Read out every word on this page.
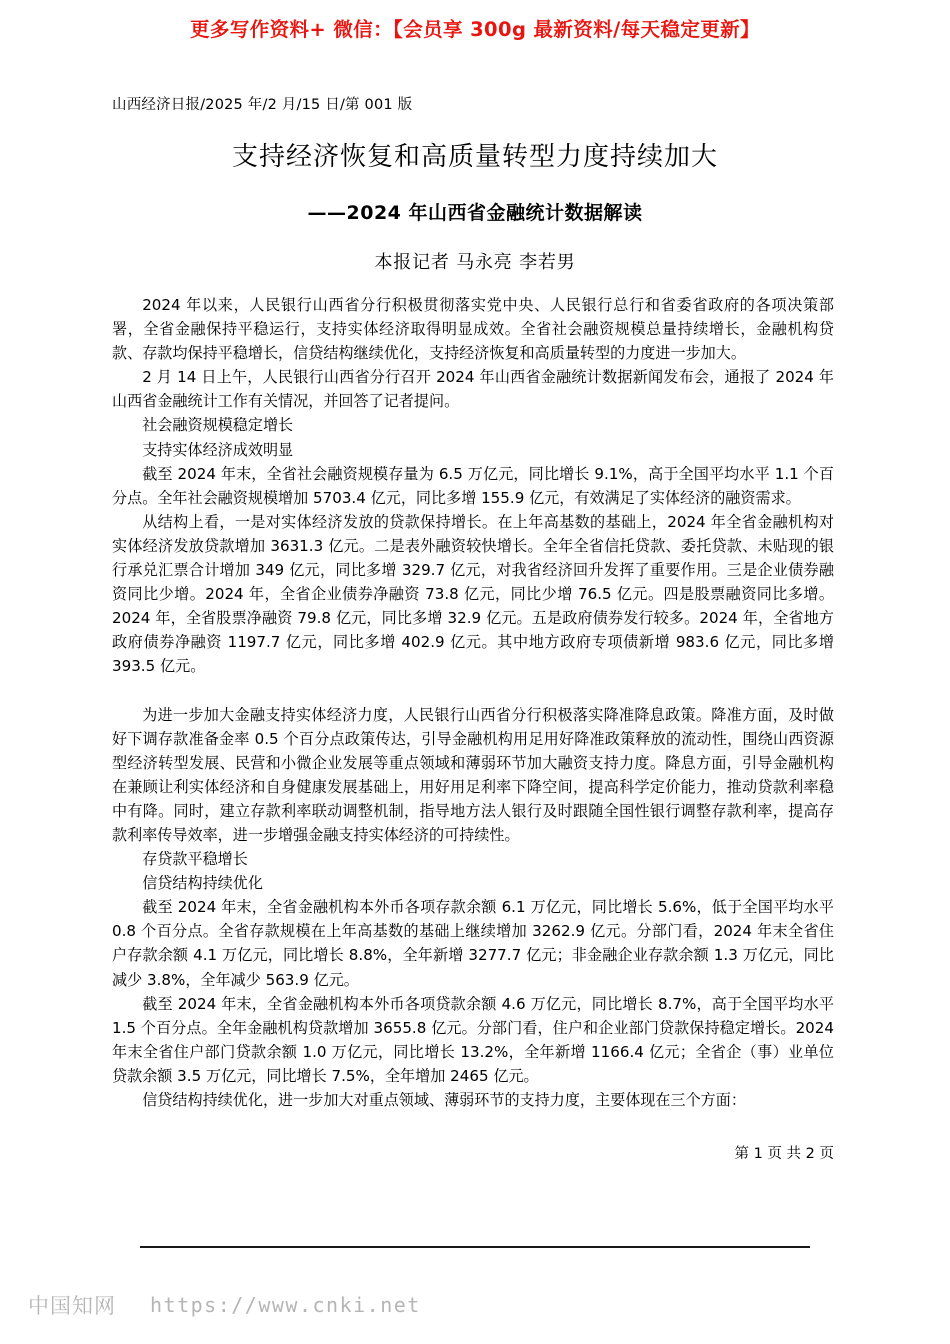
更多写作资料+ 微信：【会员享 300g 最新资料/每天稳定更新】
山西经济日报/2025 年/2 月/15 日/第 001 版
支持经济恢复和高质量转型力度持续加大
——2024 年山西省金融统计数据解读
本报记者 马永亮 李若男

2024 年以来，人民银行山西省分行积极贯彻落实党中央、人民银行总行和省委省政府的各项决策部署，全省金融保持平稳运行，支持实体经济取得明显成效。全省社会融资规模总量持续增长，金融机构贷款、存款均保持平稳增长，信贷结构继续优化，支持经济恢复和高质量转型的力度进一步加大。

2 月 14 日上午，人民银行山西省分行召开 2024 年山西省金融统计数据新闻发布会，通报了 2024 年山西省金融统计工作有关情况，并回答了记者提问。

社会融资规模稳定增长

支持实体经济成效明显

截至 2024 年末，全省社会融资规模存量为 6.5 万亿元，同比增长 9.1%，高于全国平均水平 1.1 个百分点。全年社会融资规模增加 5703.4 亿元，同比多增 155.9 亿元，有效满足了实体经济的融资需求。

从结构上看，一是对实体经济发放的贷款保持增长。在上年高基数的基础上，2024 年全省金融机构对实体经济发放贷款增加 3631.3 亿元。二是表外融资较快增长。全年全省信托贷款、委托贷款、未贴现的银行承兑汇票合计增加 349 亿元，同比多增 329.7 亿元，对我省经济回升发挥了重要作用。三是企业债券融资同比少增。2024 年，全省企业债券净融资 73.8 亿元，同比少增 76.5 亿元。四是股票融资同比多增。2024 年，全省股票净融资 79.8 亿元，同比多增 32.9 亿元。五是政府债券发行较多。2024 年，全省地方政府债券净融资 1197.7 亿元，同比多增 402.9 亿元。其中地方政府专项债新增 983.6 亿元，同比多增 393.5 亿元。

为进一步加大金融支持实体经济力度，人民银行山西省分行积极落实降准降息政策。降准方面，及时做好下调存款准备金率 0.5 个百分点政策传达，引导金融机构用足用好降准政策释放的流动性，围绕山西资源型经济转型发展、民营和小微企业发展等重点领域和薄弱环节加大融资支持力度。降息方面，引导金融机构在兼顾让利实体经济和自身健康发展基础上，用好用足利率下降空间，提高科学定价能力，推动贷款利率稳中有降。同时，建立存款利率联动调整机制，指导地方法人银行及时跟随全国性银行调整存款利率，提高存款利率传导效率，进一步增强金融支持实体经济的可持续性。

存贷款平稳增长

信贷结构持续优化

截至 2024 年末，全省金融机构本外币各项存款余额 6.1 万亿元，同比增长 5.6%，低于全国平均水平 0.8 个百分点。全省存款规模在上年高基数的基础上继续增加 3262.9 亿元。分部门看，2024 年末全省住户存款余额 4.1 万亿元，同比增长 8.8%，全年新增 3277.7 亿元；非金融企业存款余额 1.3 万亿元，同比减少 3.8%，全年减少 563.9 亿元。

截至 2024 年末，全省金融机构本外币各项贷款余额 4.6 万亿元，同比增长 8.7%，高于全国平均水平 1.5 个百分点。全年金融机构贷款增加 3655.8 亿元。分部门看，住户和企业部门贷款保持稳定增长。2024 年末全省住户部门贷款余额 1.0 万亿元，同比增长 13.2%，全年新增 1166.4 亿元；全省企（事）业单位贷款余额 3.5 万亿元，同比增长 7.5%，全年增加 2465 亿元。

信贷结构持续优化，进一步加大对重点领域、薄弱环节的支持力度，主要体现在三个方面：

第 1 页 共 2 页
中国知网 https://www.cnki.net
